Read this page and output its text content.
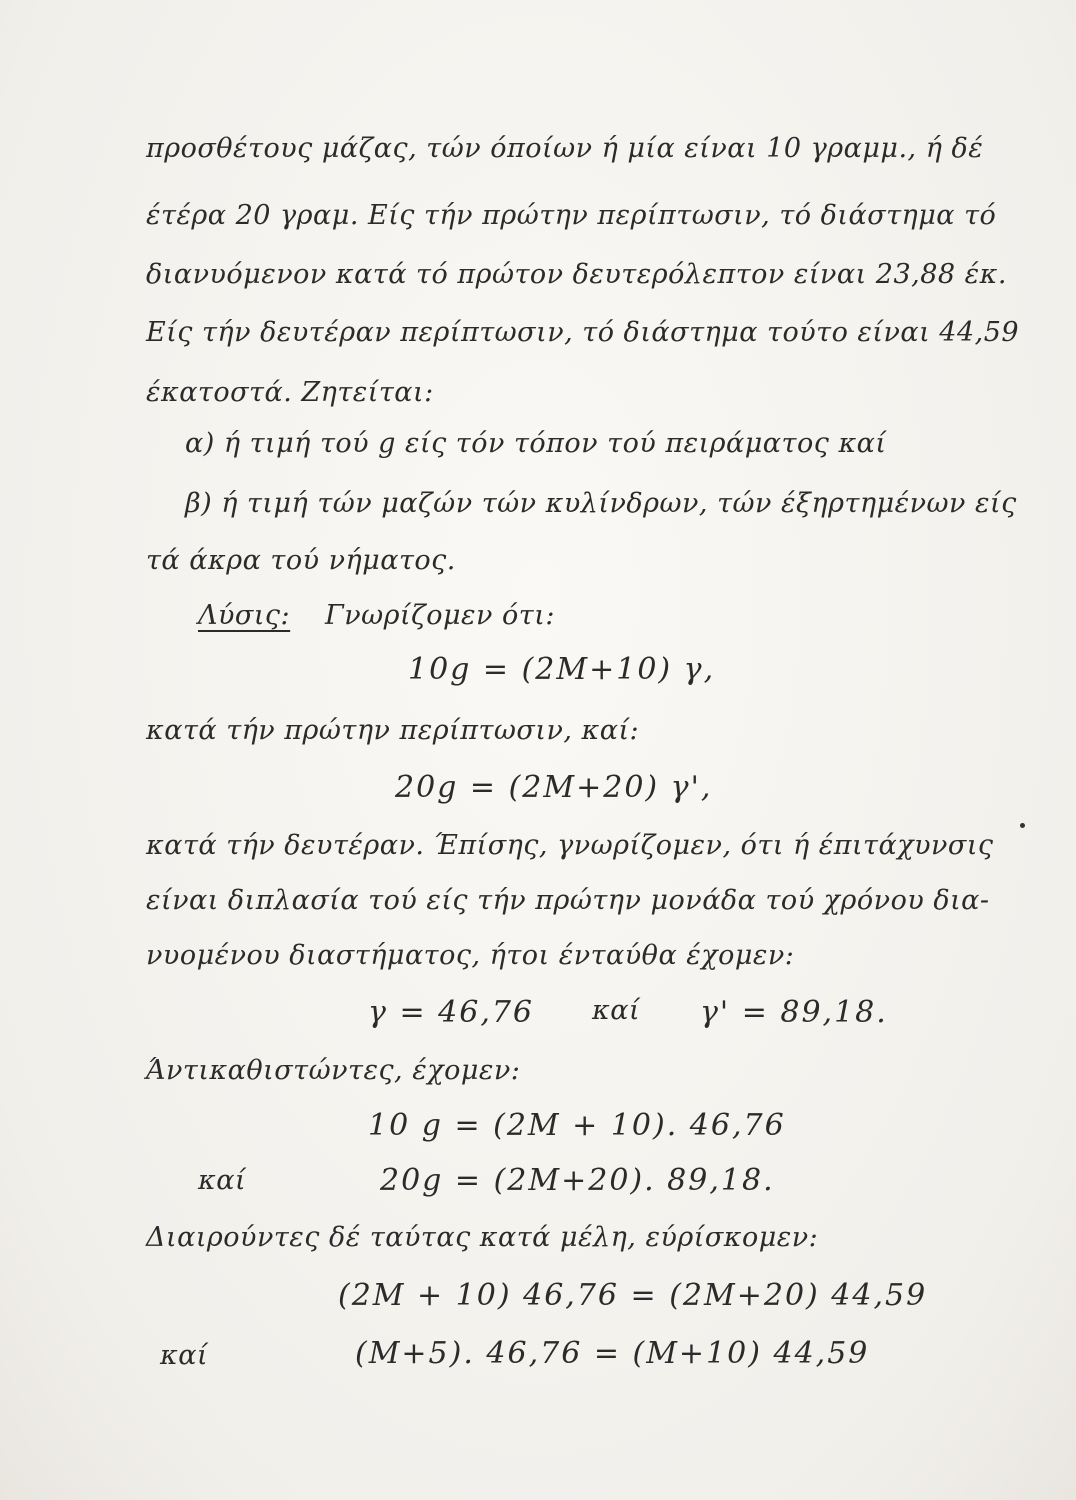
προσθέτους μάζας, τών όποίων ή μία είναι 10 γραμμ., ή δέ
έτέρα 20 γραμ. Είς τήν πρώτην περίπτωσιν, τό διάστημα τό
διανυόμενον κατά τό πρώτον δευτερόλεπτον είναι 23,88 έκ.
Είς τήν δευτέραν περίπτωσιν, τό διάστημα τούτο είναι 44,59
έκατοστά. Ζητείται:
α) ή τιμή τού g είς τόν τόπον τού πειράματος καί
β) ή τιμή τών μαζών τών κυλίνδρων, τών έξηρτημένων είς
τά άκρα τού νήματος.
Λύσις: Γνωρίζομεν ότι:
10g = (2M+10) γ,
κατά τήν πρώτην περίπτωσιν, καί:
20g = (2M+20) γ',
κατά τήν δευτέραν. Έπίσης, γνωρίζομεν, ότι ή έπιτάχυνσις
είναι διπλασία τού είς τήν πρώτην μονάδα τού χρόνου δια-
νυομένου διαστήματος, ήτοι ένταύθα έχομεν:
γ = 46,76 καί γ' = 89,18.
Άντικαθιστώντες, έχομεν:
10 g = (2M + 10). 46,76
καί	20g = (2M+20). 89,18.
Διαιρούντες δέ ταύτας κατά μέλη, εύρίσκομεν:
(2M + 10) 46,76 = (2M+20) 44,59
καί	(M+5). 46,76 = (M+10) 44,59
